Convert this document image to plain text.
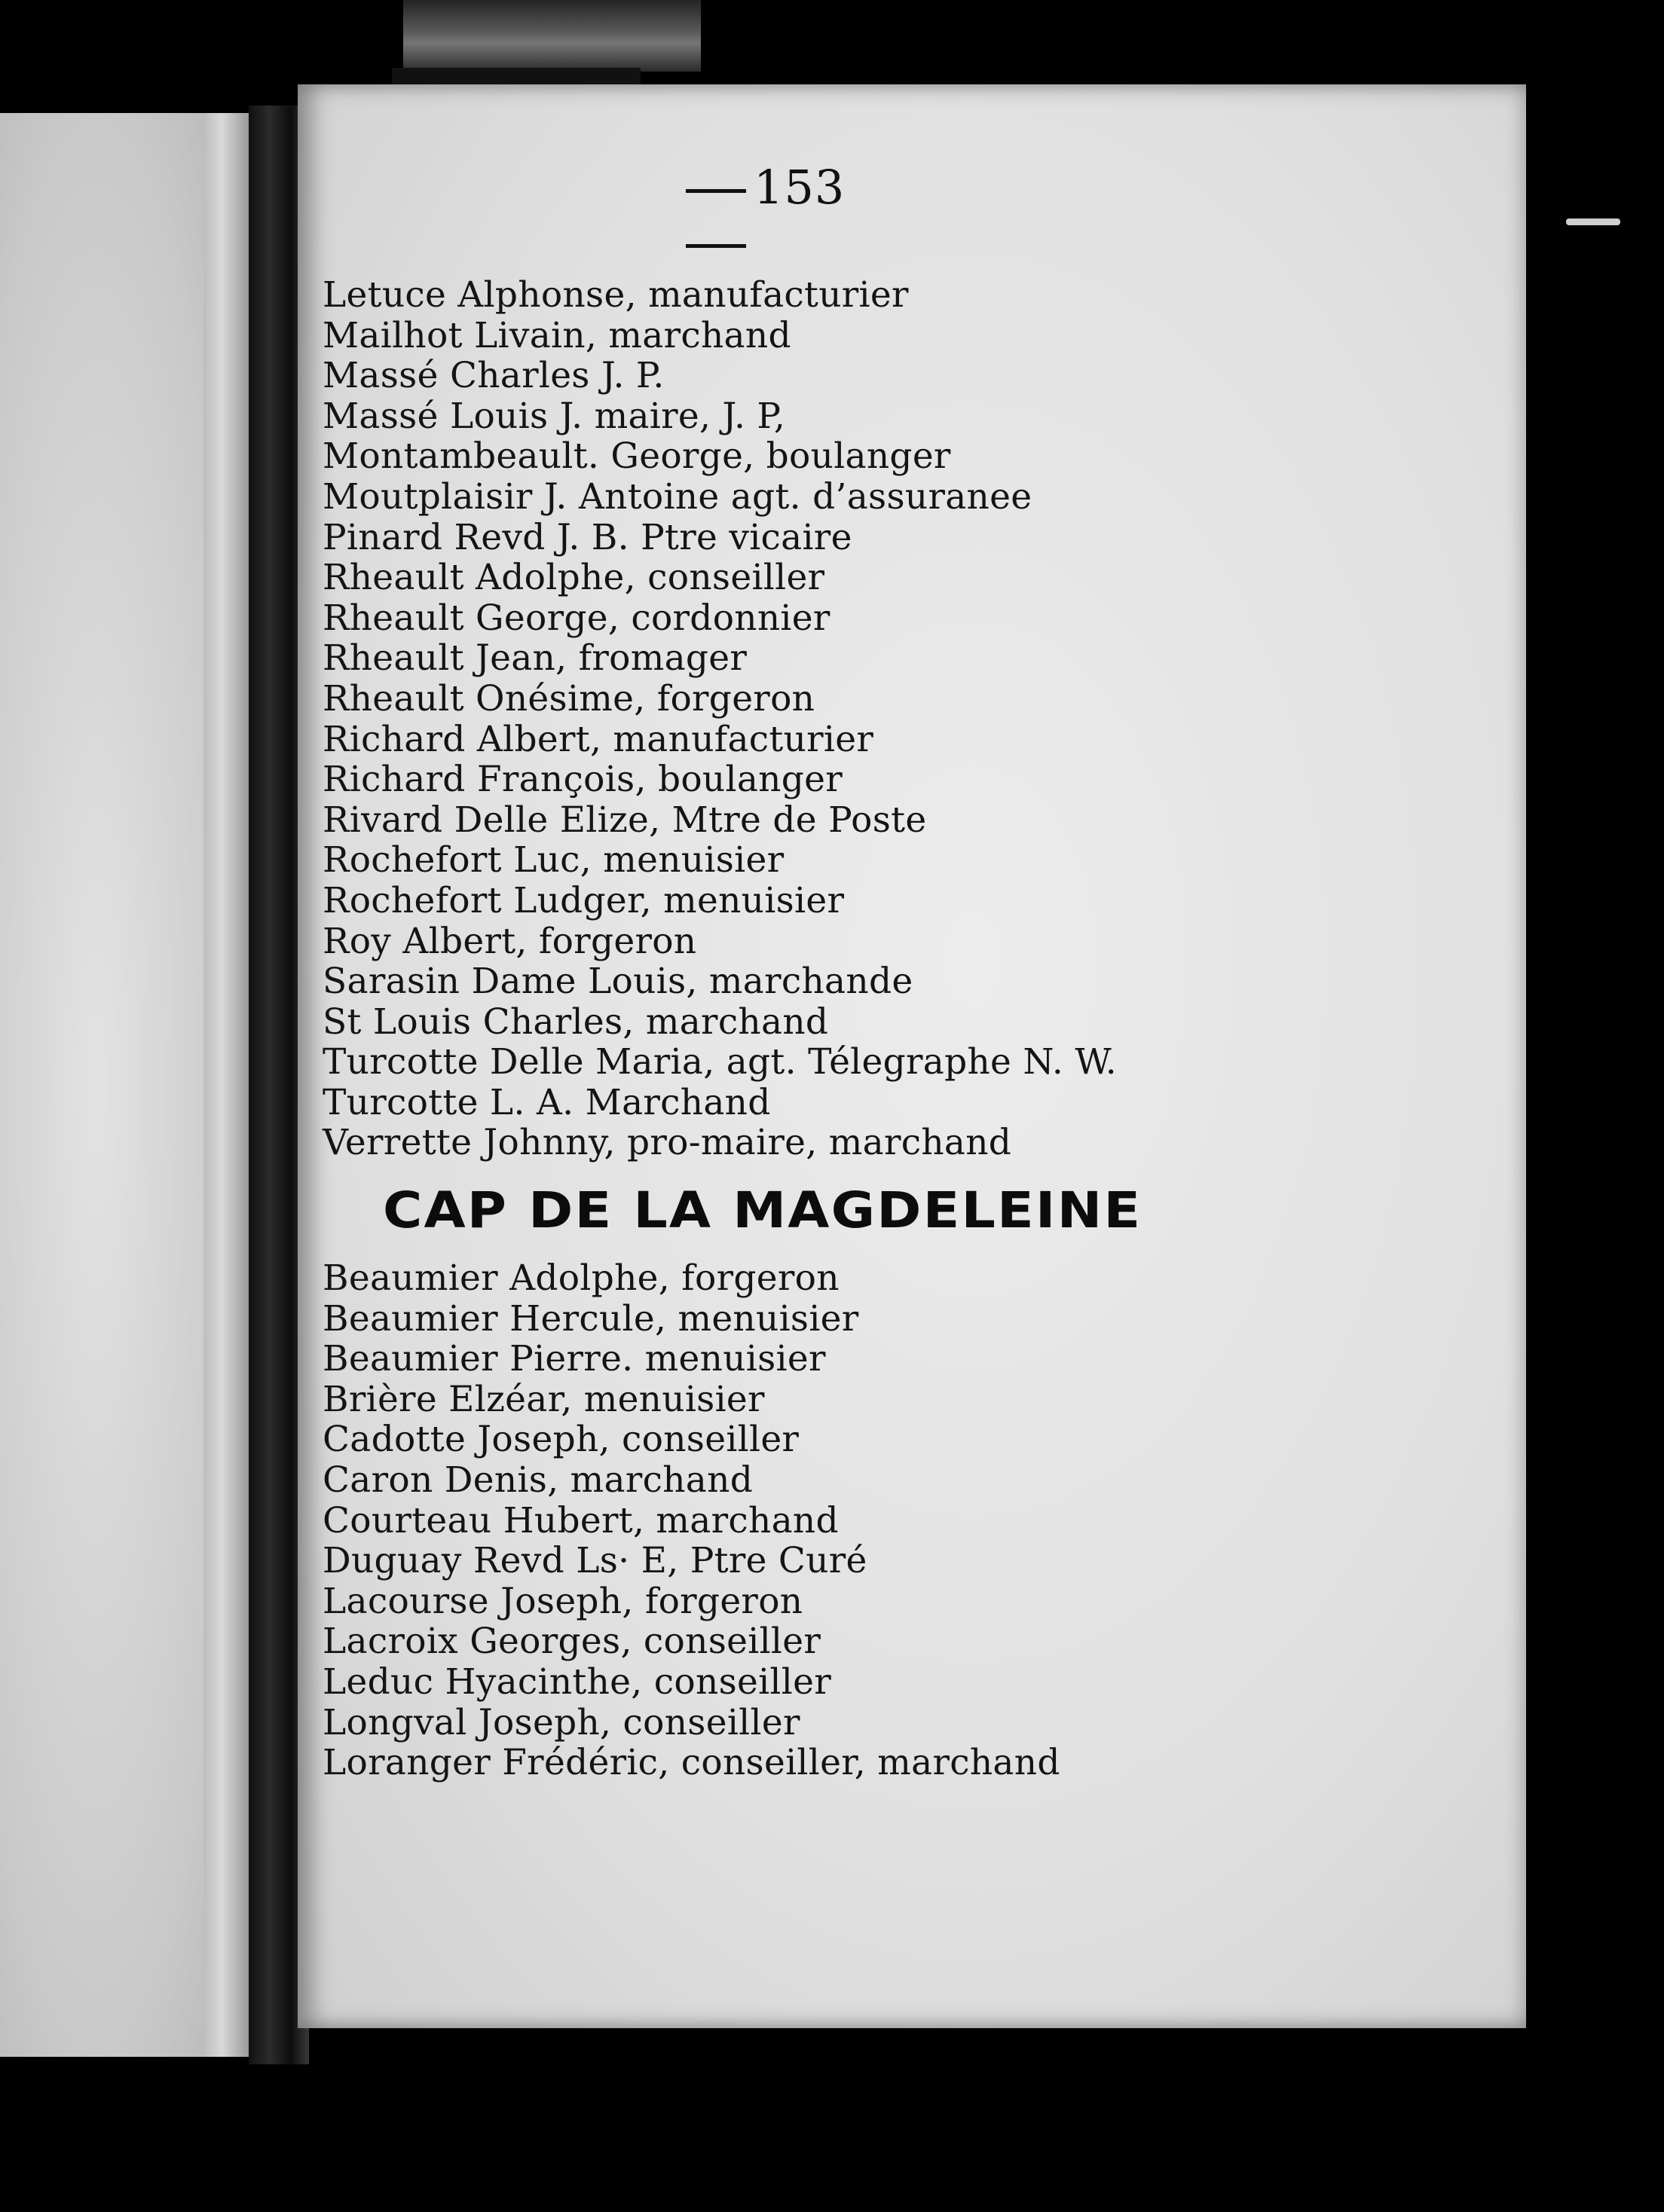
153
Letuce Alphonse, manufacturier
Mailhot Livain, marchand
Massé Charles J. P.
Massé Louis J. maire, J. P,
Montambeault. George, boulanger
Moutplaisir J. Antoine agt. d’assuranee
Pinard Revd J. B. Ptre vicaire
Rheault Adolphe, conseiller
Rheault George, cordonnier
Rheault Jean, fromager
Rheault Onésime, forgeron
Richard Albert, manufacturier
Richard François, boulanger
Rivard Delle Elize, Mtre de Poste
Rochefort Luc, menuisier
Rochefort Ludger, menuisier
Roy Albert, forgeron
Sarasin Dame Louis, marchande
St Louis Charles, marchand
Turcotte Delle Maria, agt. Télegraphe N. W.
Turcotte L. A. Marchand
Verrette Johnny, pro-maire, marchand
CAP DE LA MAGDELEINE
Beaumier Adolphe, forgeron
Beaumier Hercule, menuisier
Beaumier Pierre. menuisier
Brière Elzéar, menuisier
Cadotte Joseph, conseiller
Caron Denis, marchand
Courteau Hubert, marchand
Duguay Revd Ls· E, Ptre Curé
Lacourse Joseph, forgeron
Lacroix Georges, conseiller
Leduc Hyacinthe, conseiller
Longval Joseph, conseiller
Loranger Frédéric, conseiller, marchand
